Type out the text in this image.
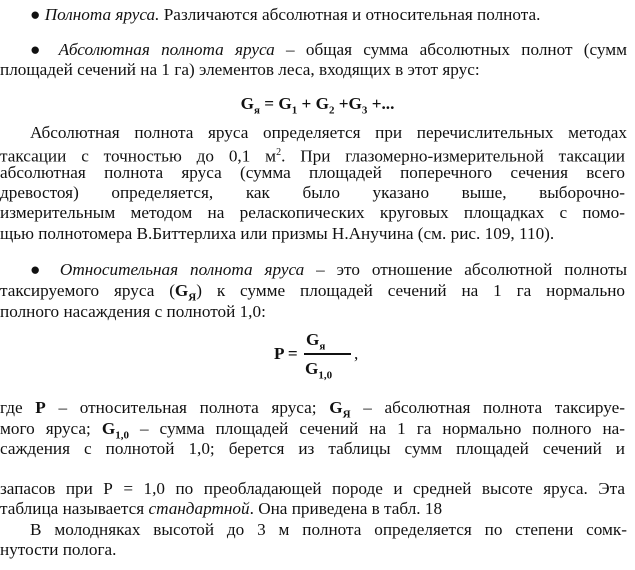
● Полнота яруса. Различаются абсолютная и относительная полнота.
● Абсолютная полнота яруса – общая сумма абсолютных полнот (сумм
площадей сечений на 1 га) элементов леса, входящих в этот ярус:
$G_я = G_1 + G_2 +G_3$ +...
Абсолютная полнота яруса определяется при перечислительных методах
таксации с точностью до 0,1 $м^2$. При глазомерно-измерительной таксации
абсолютная полнота яруса (сумма площадей поперечного сечения всего
древостоя) определяется, как было указано выше, выборочно-
измерительным методом на реласкопических круговых площадках с помо-
щью полнотомера В.Биттерлиха или призмы Н.Анучина (см. рис. 109, 110).
● Относительная полнота яруса – это отношение абсолютной полноты
таксируемого яруса $(G_Я)$ к сумме площадей сечений на 1 га нормально
полного насаждения с полнотой 1,0:
P =
$G_я$
$G_{1,0}$
,
где P – относительная полнота яруса; $G_Я$ – абсолютная полнота таксируе-
мого яруса; $G_{1,0}$ – сумма площадей сечений на 1 га нормально полного на-
саждения с полнотой 1,0; берется из таблицы сумм площадей сечений и
запасов при Р = 1,0 по преобладающей породе и средней высоте яруса. Эта
таблица называется стандартной. Она приведена в табл. 18
В молодняках высотой до 3 м полнота определяется по степени сомк-
нутости полога.
